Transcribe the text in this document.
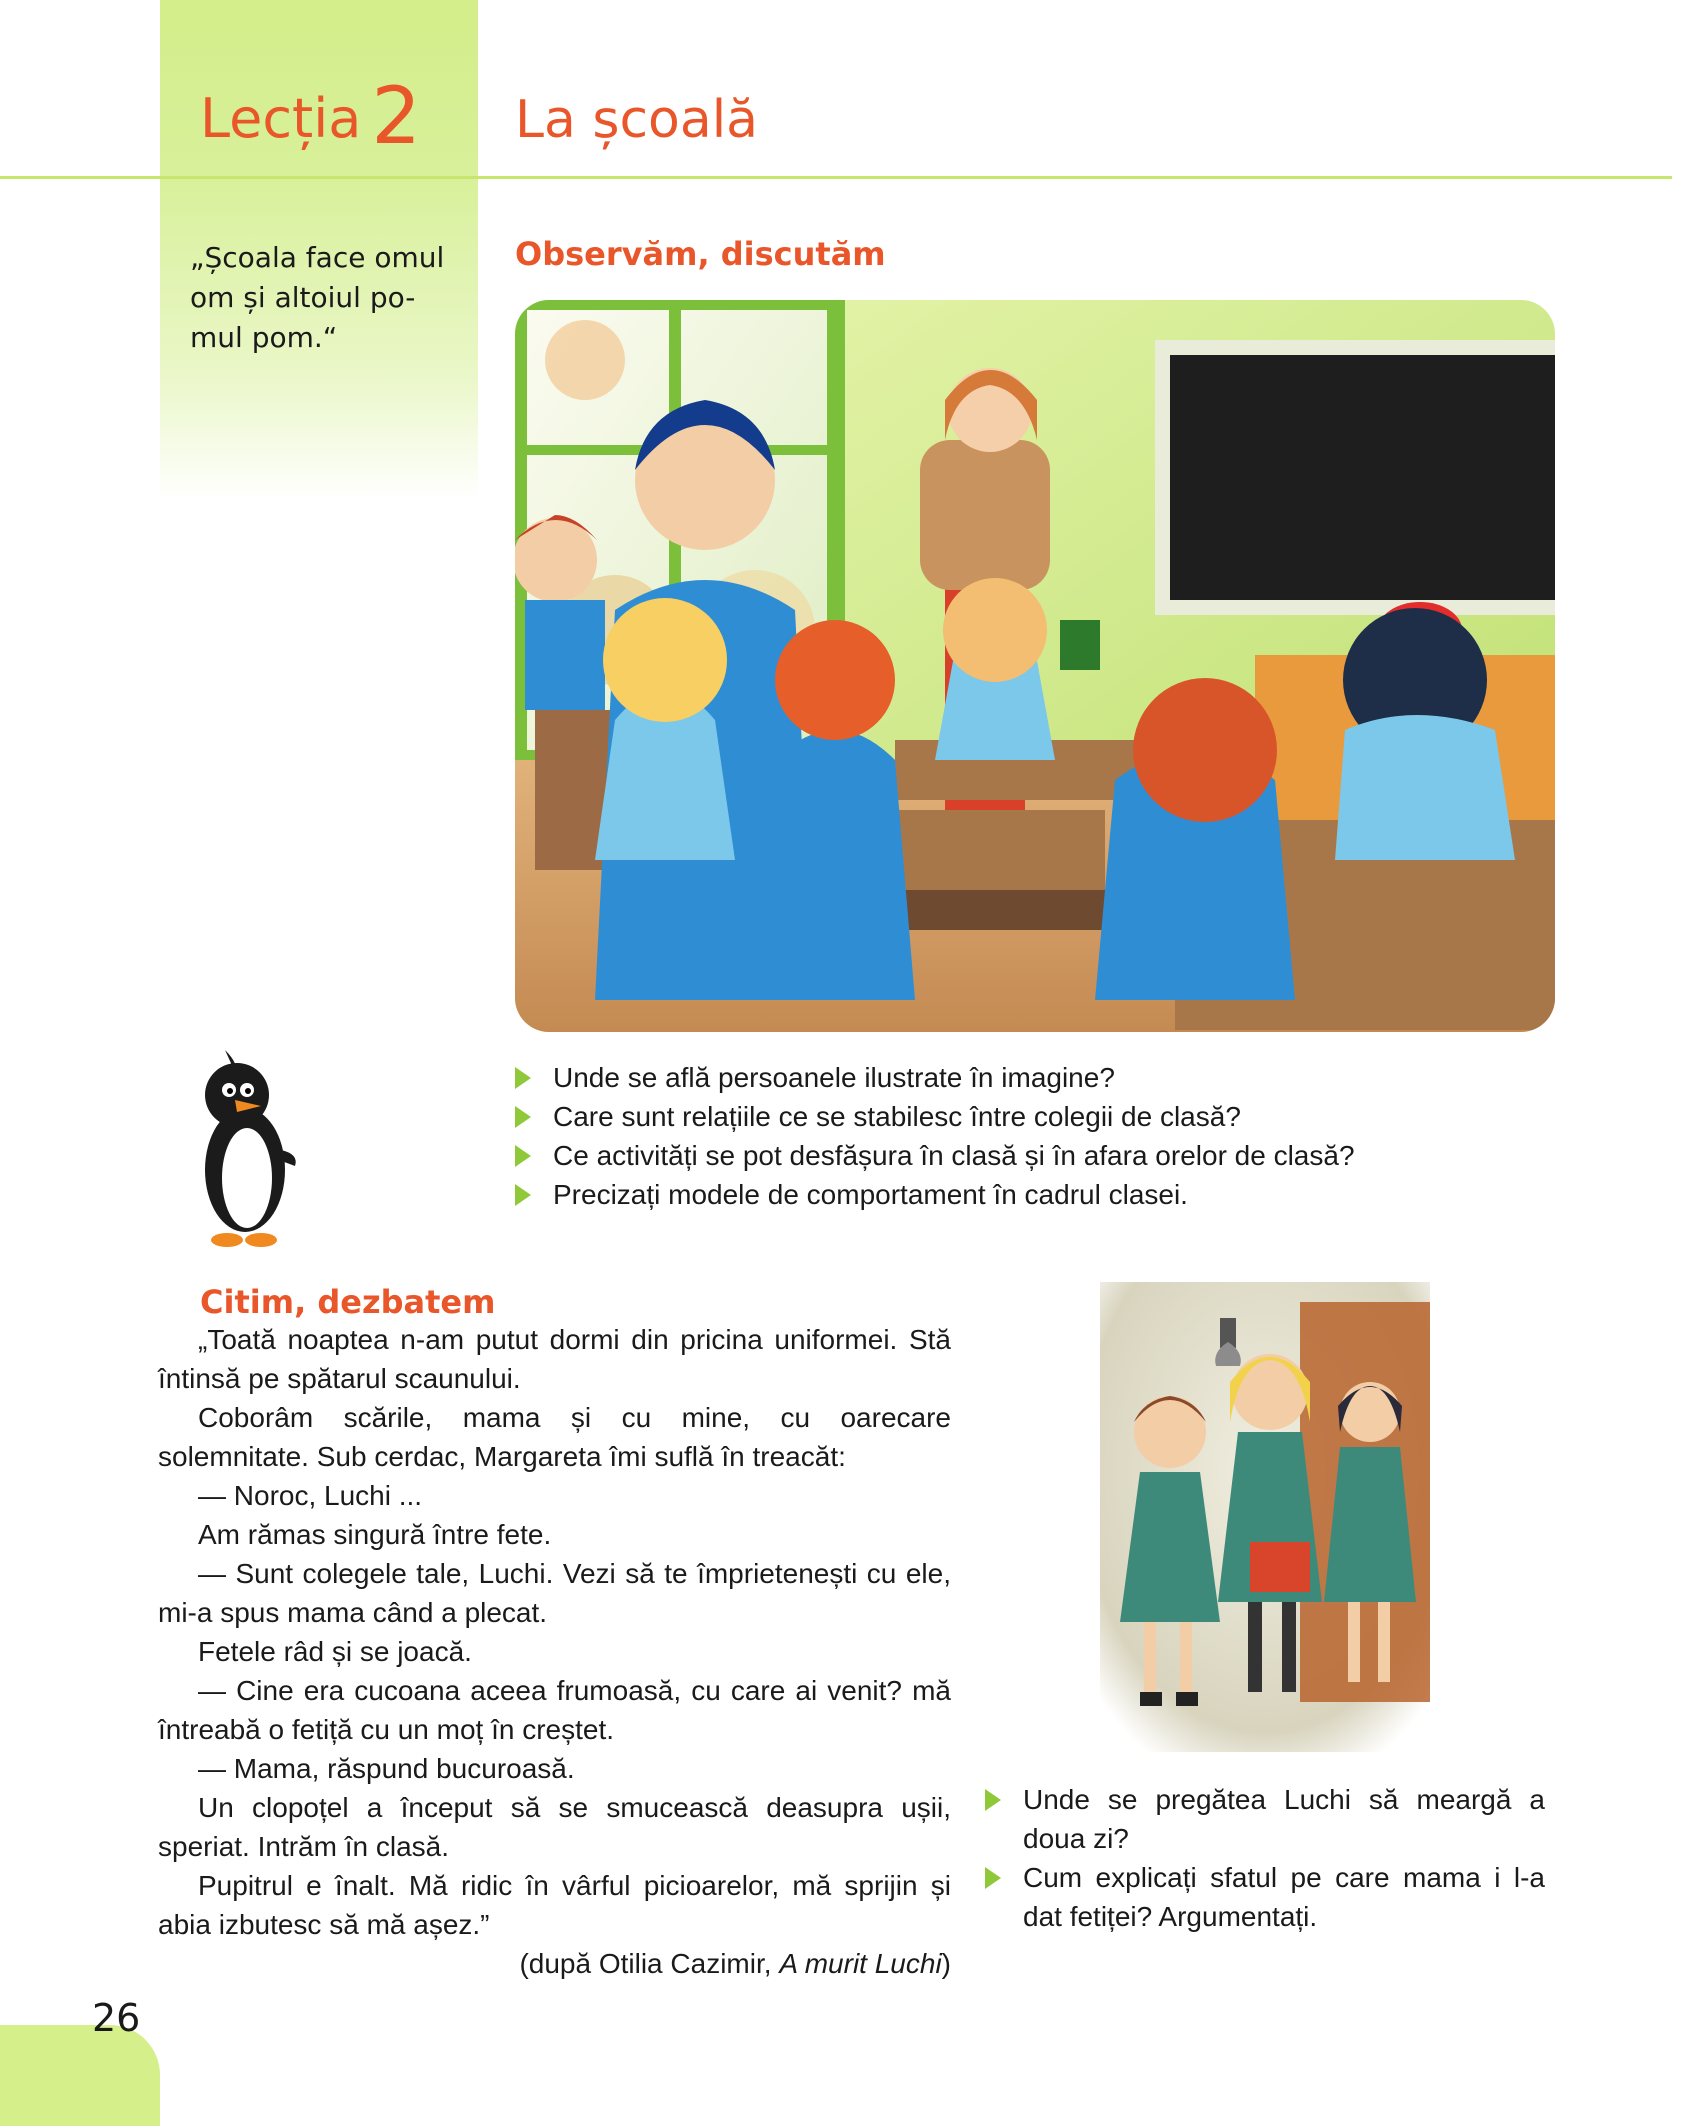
Lecția 2 La școală
„Școala face omul
om și altoiul po-
mul pom.“
Observăm, discutăm
Unde se află persoanele ilustrate în imagine?
Care sunt relațiile ce se stabilesc între colegii de clasă?
Ce activități se pot desfășura în clasă și în afara orelor de clasă?
Precizați modele de comportament în cadrul clasei.
Citim, dezbatem

„Toată noaptea n-am putut dormi din pricina uniformei. Stă întinsă pe spătarul scaunului.

Coborâm scările, mama și cu mine, cu oarecare solemnitate. Sub cerdac, Margareta îmi suflă în treacăt:

— Noroc, Luchi ...

Am rămas singură între fete.

— Sunt colegele tale, Luchi. Vezi să te împrietenești cu ele, mi-a spus mama când a plecat.

Fetele râd și se joacă.

— Cine era cucoana aceea frumoasă, cu care ai venit? mă întreabă o fetiță cu un moț în creștet.

— Mama, răspund bucuroasă.

Un clopoțel a început să se smucească deasupra ușii, speriat. Intrăm în clasă.

Pupitrul e înalt. Mă ridic în vârful picioarelor, mă sprijin și abia izbutesc să mă așez.”

(după Otilia Cazimir, A murit Luchi)

Unde se pregătea Luchi să meargă a doua zi?
Cum explicați sfatul pe care mama i l-a dat fetiței? Argumentați.
26
